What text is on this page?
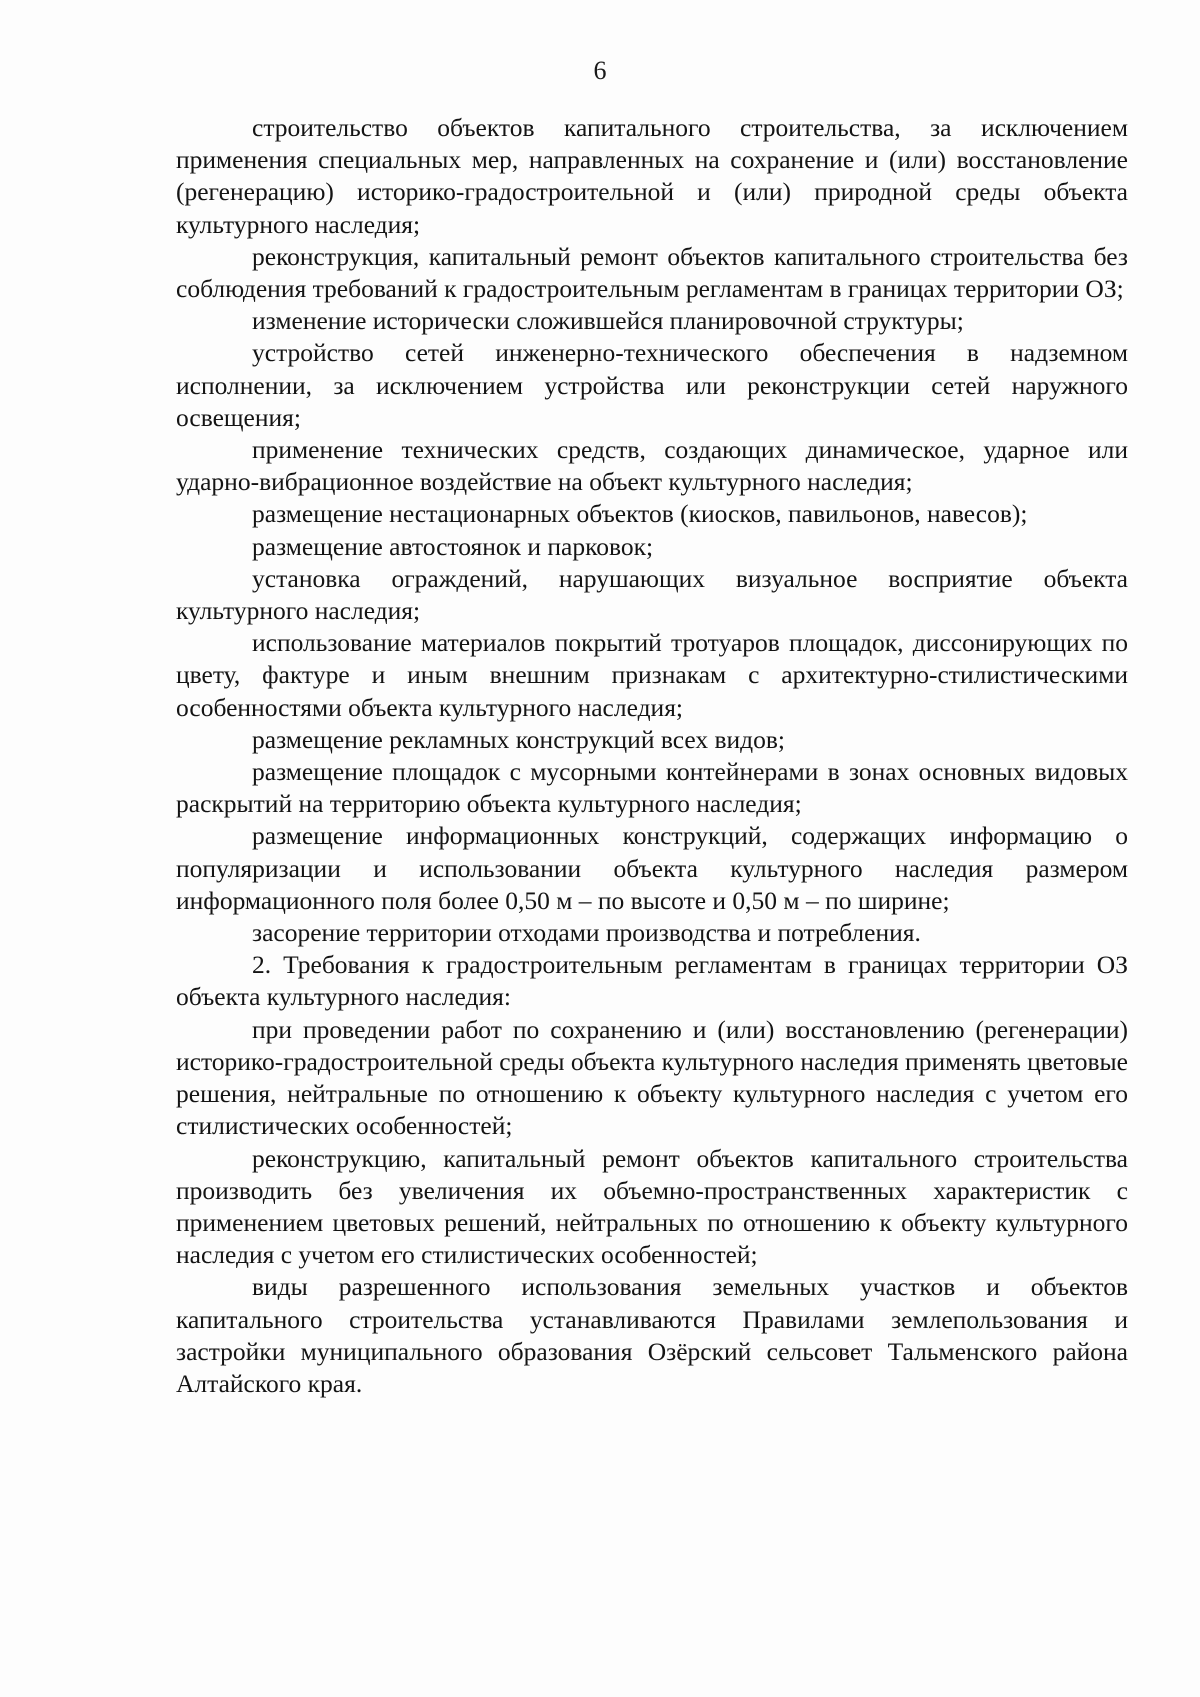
6

строительство объектов капитального строительства, за исключением применения специальных мер, направленных на сохранение и (или) восстановление (регенерацию) историко-градостроительной и (или) природной среды объекта культурного наследия;

реконструкция, капитальный ремонт объектов капитального строительства без соблюдения требований к градостроительным регламентам в границах территории ОЗ;

изменение исторически сложившейся планировочной структуры;

устройство сетей инженерно-технического обеспечения в надземном исполнении, за исключением устройства или реконструкции сетей наружного освещения;

применение технических средств, создающих динамическое, ударное или ударно-вибрационное воздействие на объект культурного наследия;

размещение нестационарных объектов (киосков, павильонов, навесов);

размещение автостоянок и парковок;

установка ограждений, нарушающих визуальное восприятие объекта культурного наследия;

использование материалов покрытий тротуаров площадок, диссонирующих по цвету, фактуре и иным внешним признакам с архитектурно-стилистическими особенностями объекта культурного наследия;

размещение рекламных конструкций всех видов;

размещение площадок с мусорными контейнерами в зонах основных видовых раскрытий на территорию объекта культурного наследия;

размещение информационных конструкций, содержащих информацию о популяризации и использовании объекта культурного наследия размером информационного поля более 0,50 м – по высоте и 0,50 м – по ширине;

засорение территории отходами производства и потребления.

2. Требования к градостроительным регламентам в границах территории ОЗ объекта культурного наследия:

при проведении работ по сохранению и (или) восстановлению (регенерации) историко-градостроительной среды объекта культурного наследия применять цветовые решения, нейтральные по отношению к объекту культурного наследия с учетом его стилистических особенностей;

реконструкцию, капитальный ремонт объектов капитального строительства производить без увеличения их объемно-пространственных характеристик с применением цветовых решений, нейтральных по отношению к объекту культурного наследия с учетом его стилистических особенностей;

виды разрешенного использования земельных участков и объектов капитального строительства устанавливаются Правилами землепользования и застройки муниципального образования Озёрский сельсовет Тальменского района Алтайского края.
